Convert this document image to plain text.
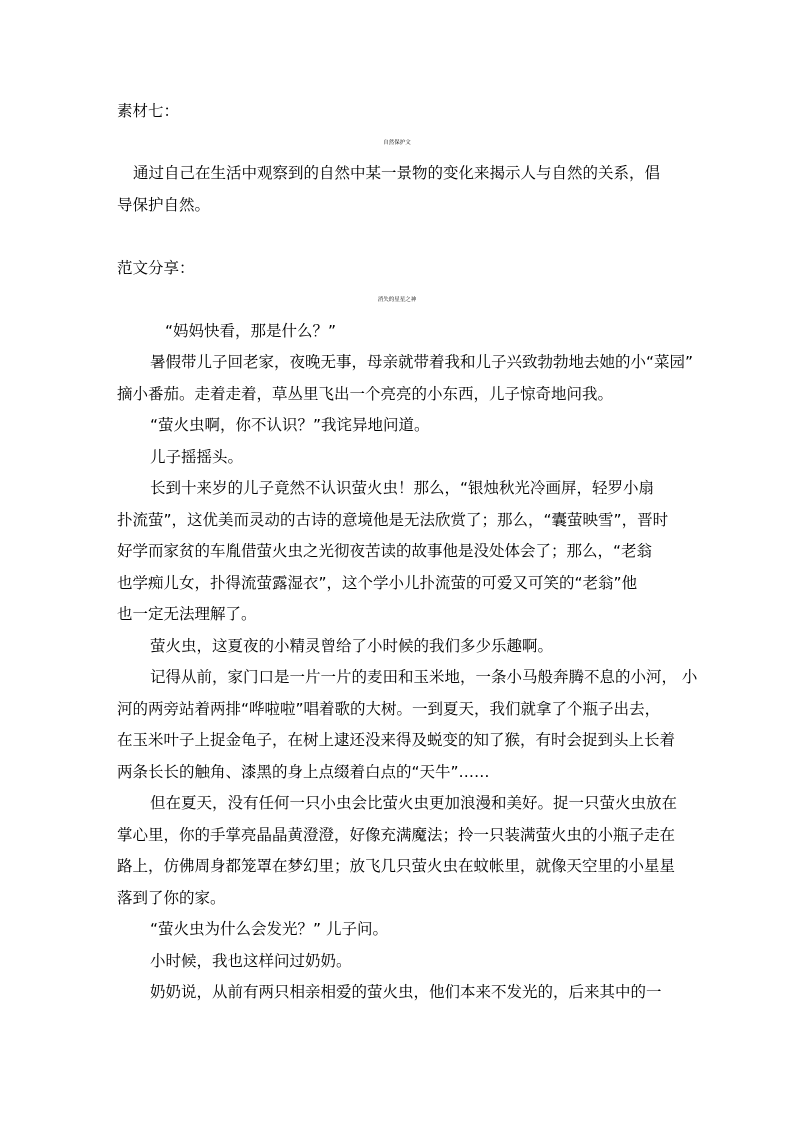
素材七：
自然保护文
通过自己在生活中观察到的自然中某一景物的变化来揭示人与自然的关系，倡
导保护自然。
范文分享：
消失的星星之神
“妈妈快看，那是什么？”
暑假带儿子回老家，夜晚无事，母亲就带着我和儿子兴致勃勃地去她的小“菜园”
摘小番茄。走着走着，草丛里飞出一个亮亮的小东西，儿子惊奇地问我。
“萤火虫啊，你不认识？”我诧异地问道。
儿子摇摇头。
长到十来岁的儿子竟然不认识萤火虫！那么，“银烛秋光冷画屏，轻罗小扇
扑流萤”，这优美而灵动的古诗的意境他是无法欣赏了；那么，“囊萤映雪”，晋时
好学而家贫的车胤借萤火虫之光彻夜苦读的故事他是没处体会了；那么，“老翁
也学痴儿女，扑得流萤露湿衣”，这个学小儿扑流萤的可爱又可笑的“老翁”他
也一定无法理解了。
萤火虫，这夏夜的小精灵曾给了小时候的我们多少乐趣啊。
记得从前，家门口是一片一片的麦田和玉米地，一条小马般奔腾不息的小河， 小
河的两旁站着两排“哗啦啦”唱着歌的大树。一到夏天，我们就拿了个瓶子出去，
在玉米叶子上捉金龟子，在树上逮还没来得及蜕变的知了猴，有时会捉到头上长着
两条长长的触角、漆黑的身上点缀着白点的“天牛”……
但在夏天，没有任何一只小虫会比萤火虫更加浪漫和美好。捉一只萤火虫放在
掌心里，你的手掌亮晶晶黄澄澄，好像充满魔法；拎一只装满萤火虫的小瓶子走在
路上，仿佛周身都笼罩在梦幻里；放飞几只萤火虫在蚊帐里，就像天空里的小星星
落到了你的家。
“萤火虫为什么会发光？” 儿子问。
小时候，我也这样问过奶奶。
奶奶说，从前有两只相亲相爱的萤火虫，他们本来不发光的，后来其中的一
